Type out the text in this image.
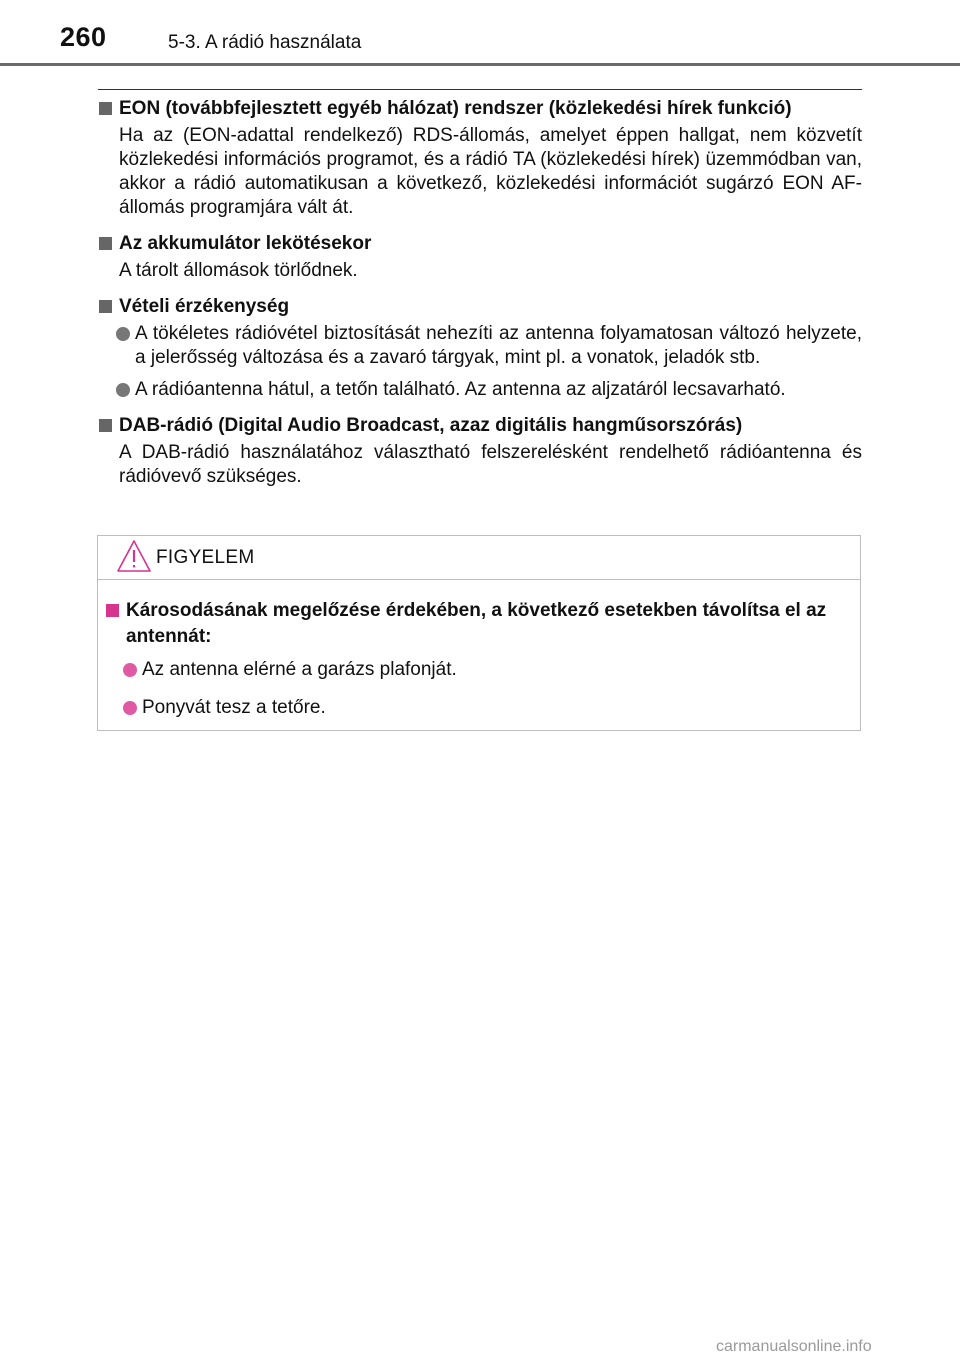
260	5-3. A rádió használata
EON (továbbfejlesztett egyéb hálózat) rendszer (közlekedési hírek funkció)
Ha az (EON-adattal rendelkező) RDS-állomás, amelyet éppen hallgat, nem közvetít közlekedési információs programot, és a rádió TA (közlekedési hírek) üzemmódban van, akkor a rádió automatikusan a következő, közlekedési információt sugárzó EON AF-állomás programjára vált át.
Az akkumulátor lekötésekor
A tárolt állomások törlődnek.
Vételi érzékenység
A tökéletes rádióvétel biztosítását nehezíti az antenna folyamatosan változó helyzete, a jelerősség változása és a zavaró tárgyak, mint pl. a vonatok, jeladók stb.
A rádióantenna hátul, a tetőn található. Az antenna az aljzatáról lecsavarható.
DAB-rádió (Digital Audio Broadcast, azaz digitális hangműsorszórás)
A DAB-rádió használatához választható felszerelésként rendelhető rádióantenna és rádióvevő szükséges.
FIGYELEM
Károsodásának megelőzése érdekében, a következő esetekben távolítsa el az antennát:
Az antenna elérné a garázs plafonját.
Ponyvát tesz a tetőre.
carmanualsonline.info
